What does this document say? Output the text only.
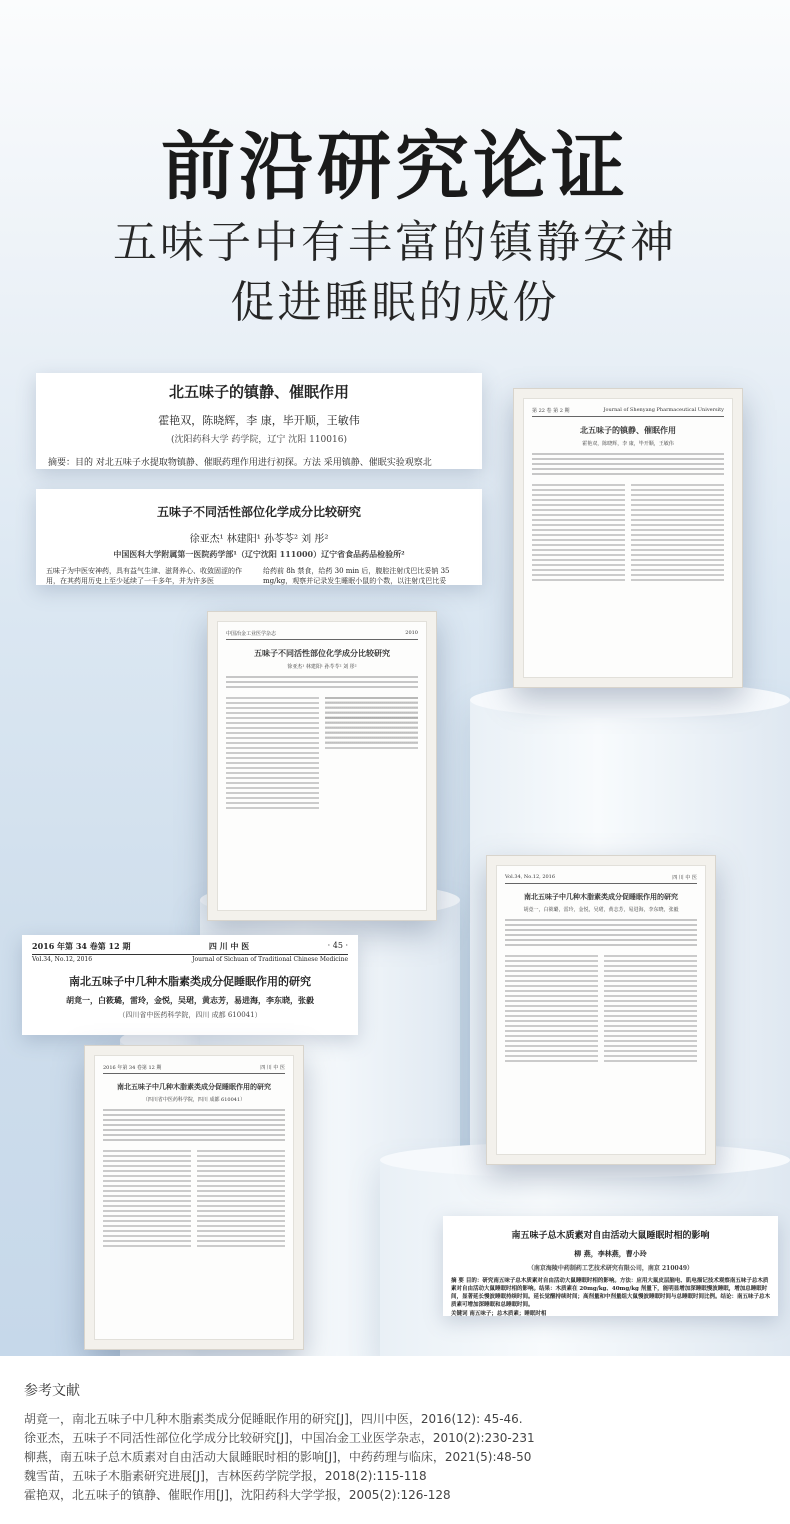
前沿研究论证
五味子中有丰富的镇静安神
促进睡眠的成份
北五味子的镇静、催眠作用
霍艳双，陈晓辉，李 康，毕开顺，王敏伟
(沈阳药科大学 药学院，辽宁 沈阳 110016)
摘要：目的 对北五味子水提取物镇静、催眠药理作用进行初探。方法 采用镇静、催眠实验观察北
五味子不同活性部位化学成分比较研究
徐亚杰¹ 林建阳¹ 孙苓苓² 刘 彤²
中国医科大学附属第一医院药学部¹（辽宁沈阳 111000）辽宁省食品药品检验所²
五味子为中医安神药，具有益气生津、滋肾养心、收敛固涩的作用，在其药用历史上至少延续了一千多年，并为许多医
给药前 8h 禁食，给药 30 min 后，腹腔注射戊巴比妥钠 35 mg/kg，观察并记录发生睡眠小鼠的个数，以注射戊巴比妥
第 22 卷 第 2 期	Journal of Shenyang Pharmaceutical University
北五味子的镇静、催眠作用
霍艳双，陈晓辉，李 康，毕开顺，王敏伟
中国冶金工业医学杂志	2010
五味子不同活性部位化学成分比较研究
徐亚杰¹ 林建阳¹ 孙苓苓² 刘 彤²
Vol.34, No.12, 2016	四 川 中 医
南北五味子中几种木脂素类成分促睡眠作用的研究
胡竟一，白筱璐，雷玲，金悦，吴珺，黄志芳，易进海，李东晓，张毅
2016 年第 34 卷第 12 期	四 川 中 医	· 45 ·
Vol.34, No.12, 2016	Journal of Sichuan of Traditional Chinese Medicine
南北五味子中几种木脂素类成分促睡眠作用的研究
胡竟一，白筱璐，雷玲，金悦，吴珺，黄志芳，易进海，李东晓，张毅
（四川省中医药科学院，四川 成都 610041）
2016 年第 34 卷第 12 期	四 川 中 医
南北五味子中几种木脂素类成分促睡眠作用的研究
（四川省中医药科学院，四川 成都 610041）
南五味子总木质素对自由活动大鼠睡眠时相的影响
柳 燕，李林燕，曹小玲
（南京海陵中药制药工艺技术研究有限公司，南京 210049）
摘 要 目的：研究南五味子总木质素对自由活动大鼠睡眠时相的影响。方法：应用大鼠皮层脑电、肌电描记技术观察南五味子总木质素对自由活动大鼠睡眠时相的影响。结果：木质素在 20mg/kg、40mg/kg 剂量下，能明显增加深睡眠慢波睡眠，增加总睡眠时间，显著延长慢波睡眠持续时间。延长觉醒持续时间；高剂量和中剂量组大鼠慢波睡眠时间与总睡眠时间比例。结论：南五味子总木质素可增加深睡眠和总睡眠时间。
关键词 南五味子；总木质素；睡眠时相
参考文献

胡竟一，南北五味子中几种木脂素类成分促睡眠作用的研究[J]，四川中医，2016(12): 45-46.

徐亚杰，五味子不同活性部位化学成分比较研究[J]，中国冶金工业医学杂志，2010(2):230-231

柳燕，南五味子总木质素对自由活动大鼠睡眠时相的影响[J]，中药药理与临床，2021(5):48-50

魏雪苗，五味子木脂素研究进展[J]，吉林医药学院学报，2018(2):115-118

霍艳双，北五味子的镇静、催眠作用[J]，沈阳药科大学学报，2005(2):126-128
